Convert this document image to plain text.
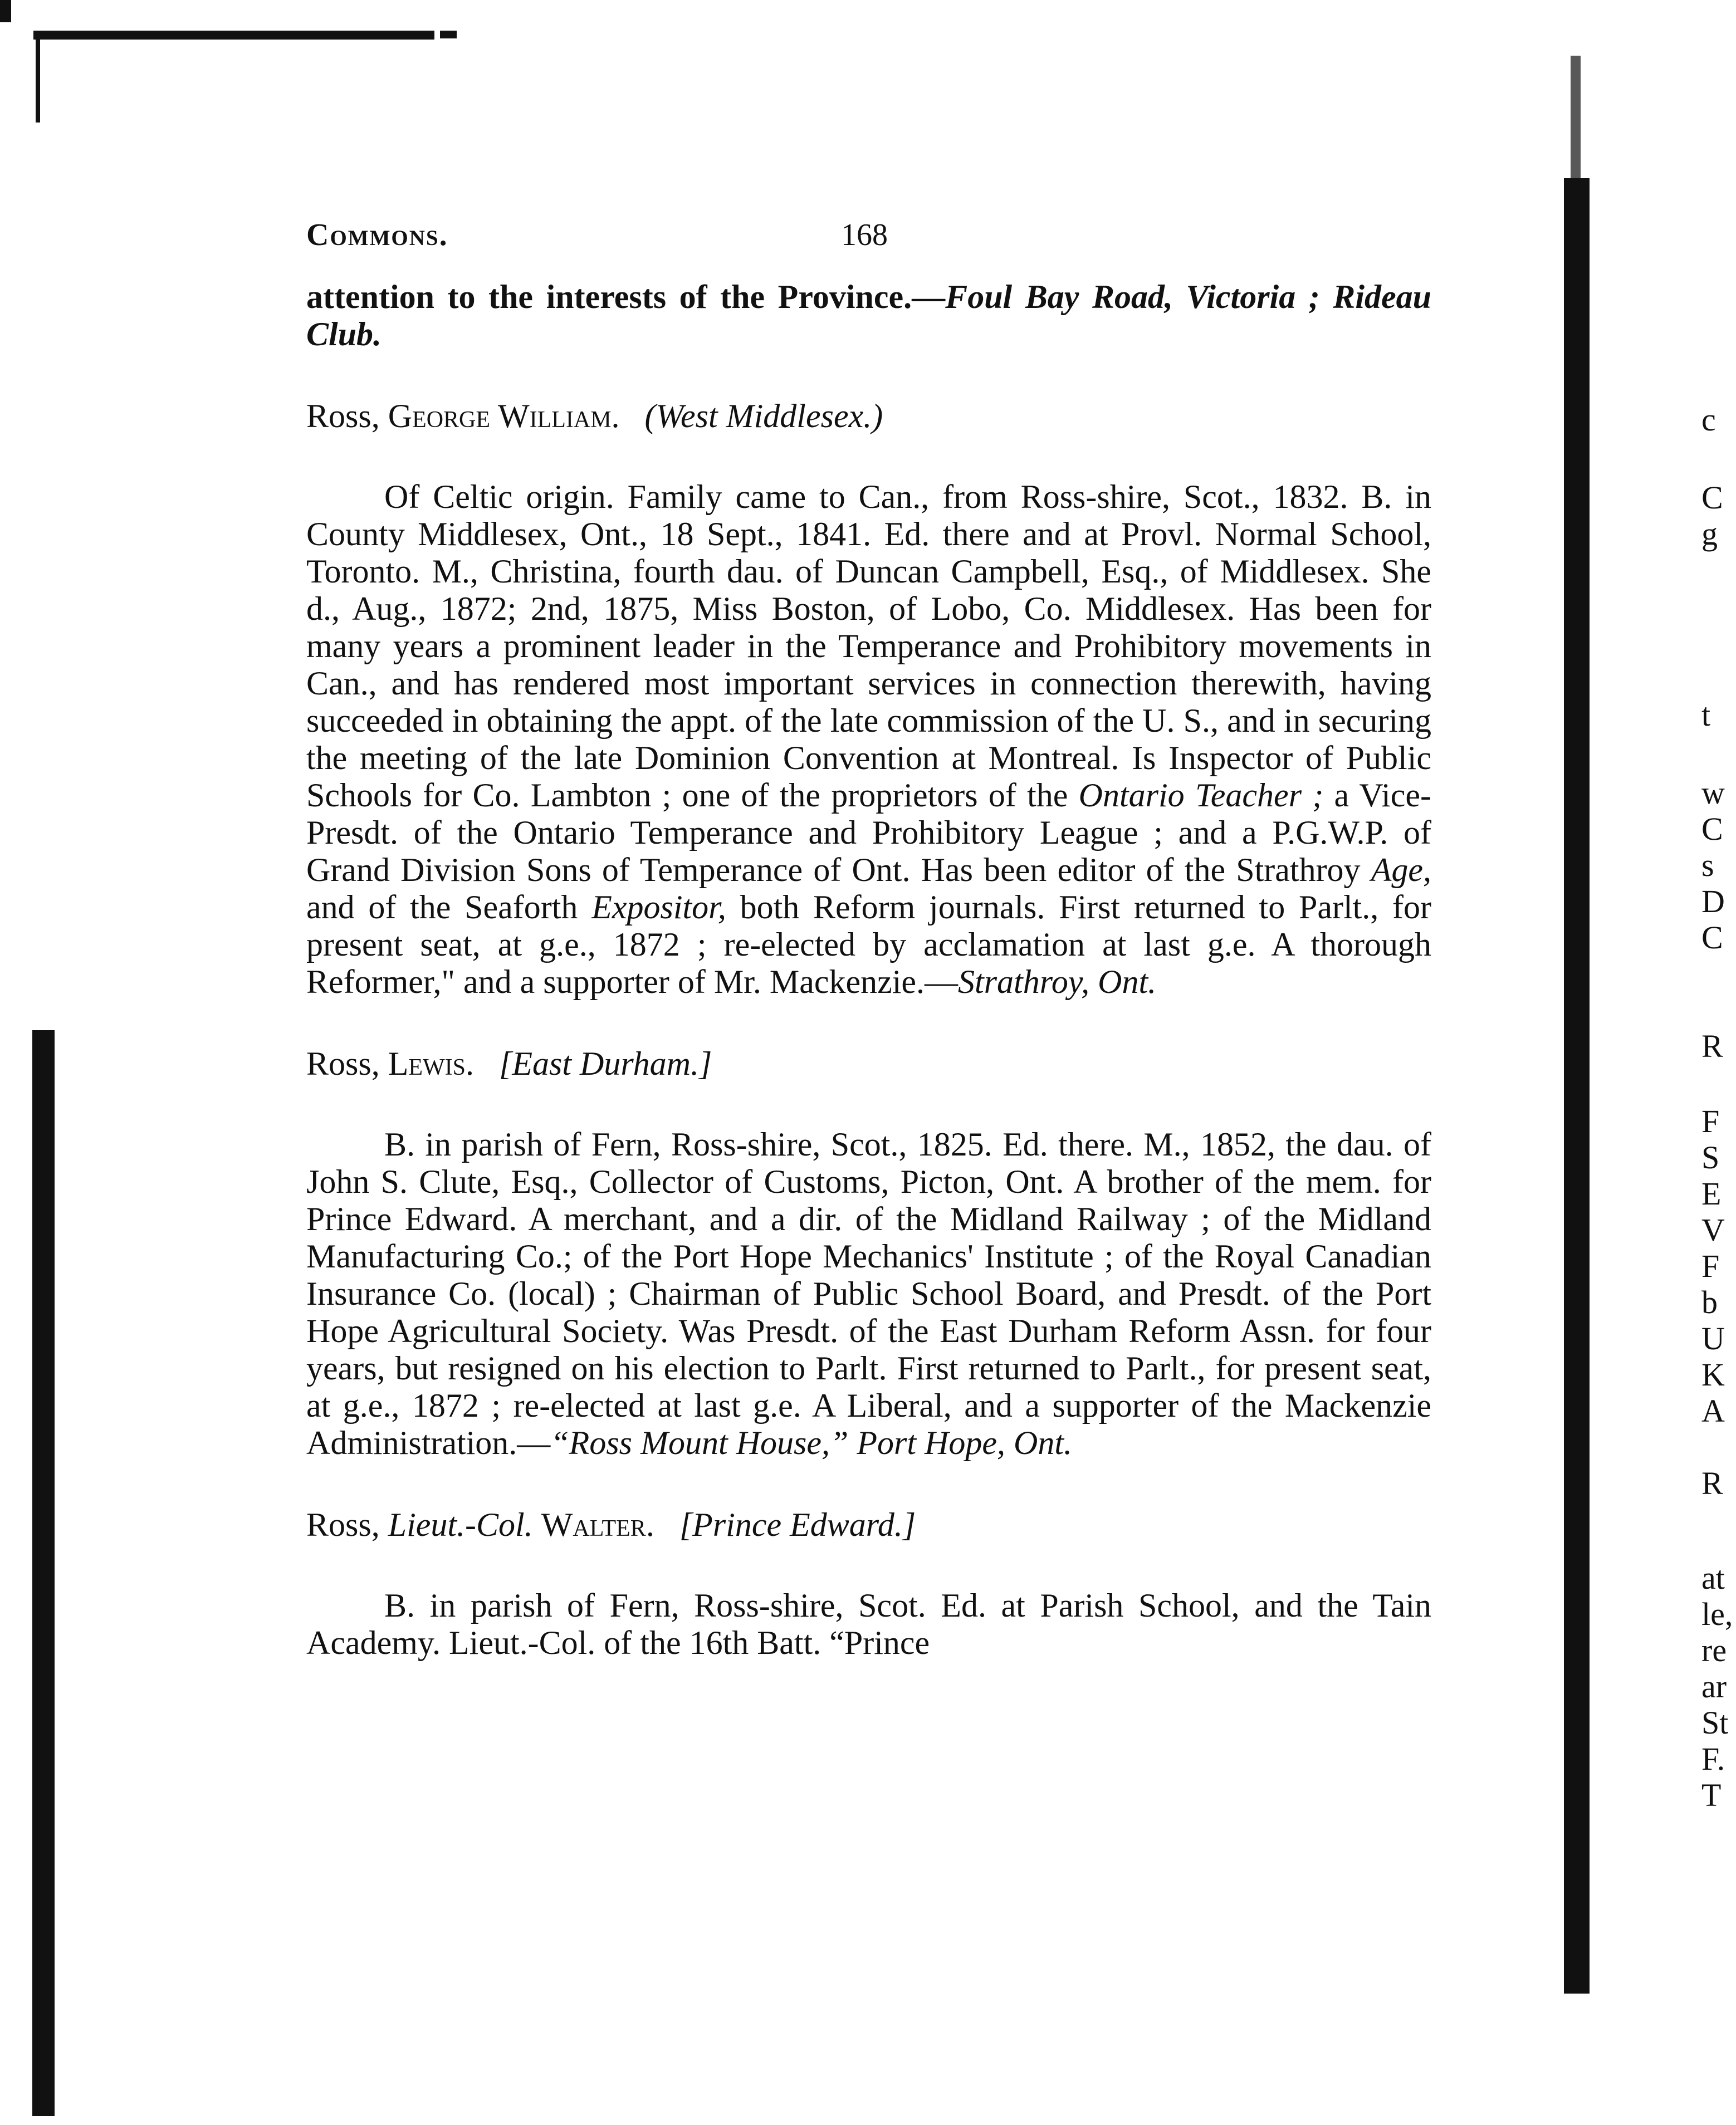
Commons.	168

attention to the interests of the Province.—Foul Bay Road, Victoria ; Rideau Club.

Ross, George William. (West Middlesex.)

Of Celtic origin. Family came to Can., from Ross-shire, Scot., 1832. B. in County Middlesex, Ont., 18 Sept., 1841. Ed. there and at Provl. Normal School, Toronto. M., Christina, fourth dau. of Duncan Campbell, Esq., of Middlesex. She d., Aug., 1872; 2nd, 1875, Miss Boston, of Lobo, Co. Middlesex. Has been for many years a prominent leader in the Temperance and Prohibitory movements in Can., and has rendered most important services in connection therewith, having succeeded in obtaining the appt. of the late commission of the U. S., and in securing the meeting of the late Dominion Convention at Montreal. Is Inspector of Public Schools for Co. Lambton ; one of the proprietors of the Ontario Teacher ; a Vice-Presdt. of the Ontario Temperance and Prohibitory League ; and a P.G.W.P. of Grand Division Sons of Temperance of Ont. Has been editor of the Strathroy Age, and of the Seaforth Expositor, both Reform journals. First returned to Parlt., for present seat, at g.e., 1872 ; re-elected by acclamation at last g.e. A thorough Reformer," and a supporter of Mr. Mackenzie.—Strathroy, Ont.

Ross, Lewis. [East Durham.]

B. in parish of Fern, Ross-shire, Scot., 1825. Ed. there. M., 1852, the dau. of John S. Clute, Esq., Collector of Customs, Picton, Ont. A brother of the mem. for Prince Edward. A merchant, and a dir. of the Midland Railway ; of the Midland Manufacturing Co.; of the Port Hope Mechanics' Institute ; of the Royal Canadian Insurance Co. (local) ; Chairman of Public School Board, and Presdt. of the Port Hope Agricultural Society. Was Presdt. of the East Durham Reform Assn. for four years, but resigned on his election to Parlt. First returned to Parlt., for present seat, at g.e., 1872 ; re-elected at last g.e. A Liberal, and a supporter of the Mackenzie Administration.—“Ross Mount House,” Port Hope, Ont.

Ross, Lieut.-Col. Walter. [Prince Edward.]

B. in parish of Fern, Ross-shire, Scot. Ed. at Parish School, and the Tain Academy. Lieut.-Col. of the 16th Batt. “Prince

c
C
g
t
w
C
s
D
C
R
F
S
E
V
F
b
U
K
A
R
at
le,
re
ar
St
F.
T
